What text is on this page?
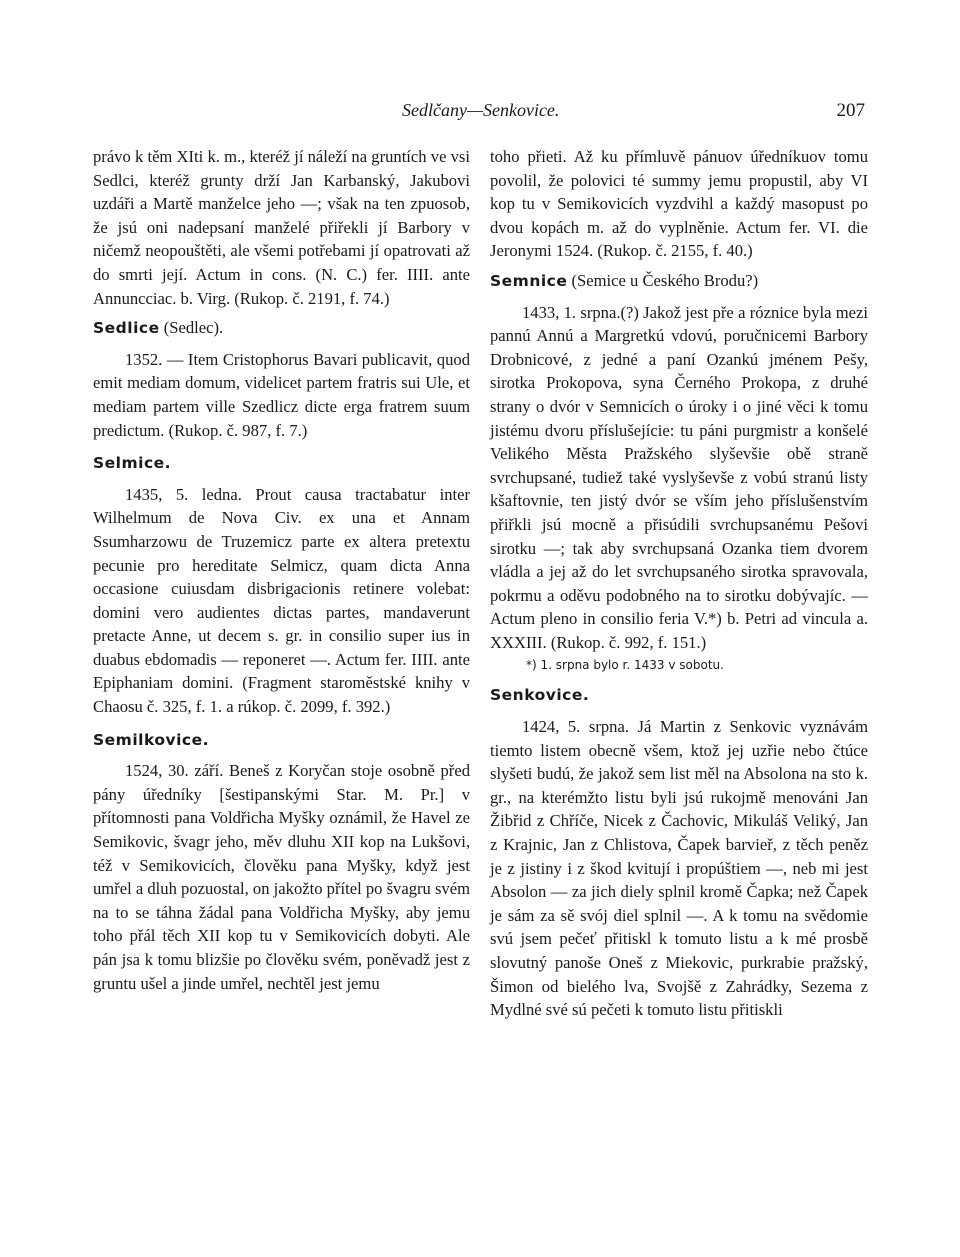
Sedlčany—Senkovice.	207

právo k těm XIti k. m., kteréž jí náleží na gruntích ve vsi Sedlci, kteréž grunty drží Jan Karbanský, Jakubovi uzdáři a Martě manželce jeho —; však na ten zpuosob, že jsú oni nadepsaní manželé přiřekli jí Barbory v ničemž neopouštěti, ale všemi potřebami jí opatrovati až do smrti její. Actum in cons. (N. C.) fer. IIII. ante Annuncciac. b. Virg. (Rukop. č. 2191, f. 74.)

Sedlice (Sedlec).

1352. — Item Cristophorus Bavari publicavit, quod emit mediam domum, videlicet partem fratris sui Ule, et mediam partem ville Szedlicz dicte erga fratrem suum predictum. (Rukop. č. 987, f. 7.)

Selmice.

1435, 5. ledna. Prout causa tractabatur inter Wilhelmum de Nova Civ. ex una et Annam Ssumharzowu de Truzemicz parte ex altera pretextu pecunie pro hereditate Selmicz, quam dicta Anna occasione cuiusdam disbrigacionis retinere volebat: domini vero audientes dictas partes, mandaverunt pretacte Anne, ut decem s. gr. in consilio super ius in duabus ebdomadis — reponeret —. Actum fer. IIII. ante Epiphaniam domini. (Fragment staroměstské knihy v Chaosu č. 325, f. 1. a rúkop. č. 2099, f. 392.)

Semilkovice.

1524, 30. září. Beneš z Koryčan stoje osobně před pány úředníky [šestipanskými Star. M. Pr.] v přítomnosti pana Voldřicha Myšky oznámil, že Havel ze Semikovic, švagr jeho, měv dluhu XII kop na Lukšovi, též v Semikovicích, člověku pana Myšky, když jest umřel a dluh pozuostal, on jakožto přítel po švagru svém na to se táhna žádal pana Voldřicha Myšky, aby jemu toho přál těch XII kop tu v Semikovicích dobyti. Ale pán jsa k tomu blizšie po člověku svém, poněvadž jest z gruntu ušel a jinde umřel, nechtěl jest jemu

toho přieti. Až ku přímluvě pánuov úředníkuov tomu povolil, že polovici té summy jemu propustil, aby VI kop tu v Semikovicích vyzdvihl a každý masopust po dvou kopách m. až do vyplněnie. Actum fer. VI. die Jeronymi 1524. (Rukop. č. 2155, f. 40.)

Semnice (Semice u Českého Brodu?)

1433, 1. srpna.(?) Jakož jest pře a róznice byla mezi pannú Annú a Margretkú vdovú, poručnicemi Barbory Drobnicové, z jedné a paní Ozankú jménem Pešy, sirotka Prokopova, syna Černého Prokopa, z druhé strany o dvór v Semnicích o úroky i o jiné věci k tomu jistému dvoru příslušejície: tu páni purgmistr a konšelé Velikého Města Pražského slyševšie obě straně svrchupsané, tudiež také vyslyševše z vobú stranú listy kšaftovnie, ten jistý dvór se vším jeho příslušenstvím přiřkli jsú mocně a přisúdili svrchupsanému Pešovi sirotku —; tak aby svrchupsaná Ozanka tiem dvorem vládla a jej až do let svrchupsaného sirotka spravovala, pokrmu a oděvu podobného na to sirotku dobývajíc. — Actum pleno in consilio feria V.*) b. Petri ad vincula a. XXXIII. (Rukop. č. 992, f. 151.)

*) 1. srpna bylo r. 1433 v sobotu.

Senkovice.

1424, 5. srpna. Já Martin z Senkovic vyznávám tiemto listem obecně všem, ktož jej uzřie nebo čtúce slyšeti budú, že jakož sem list měl na Absolona na sto k. gr., na kterémžto listu byli jsú rukojmě menováni Jan Žibřid z Chříče, Nicek z Čachovic, Mikuláš Veliký, Jan z Krajnic, Jan z Chlistova, Čapek barvieř, z těch peněz je z jistiny i z škod kvitují i propúštiem —, neb mi jest Absolon — za jich diely splnil kromě Čapka; než Čapek je sám za sě svój diel splnil —. A k tomu na svědomie svú jsem pečeť přitiskl k tomuto listu a k mé prosbě slovutný panoše Oneš z Miekovic, purkrabie pražský, Šimon od bielého lva, Svojšě z Zahrádky, Sezema z Mydlné své sú pečeti k tomuto listu přitiskli
